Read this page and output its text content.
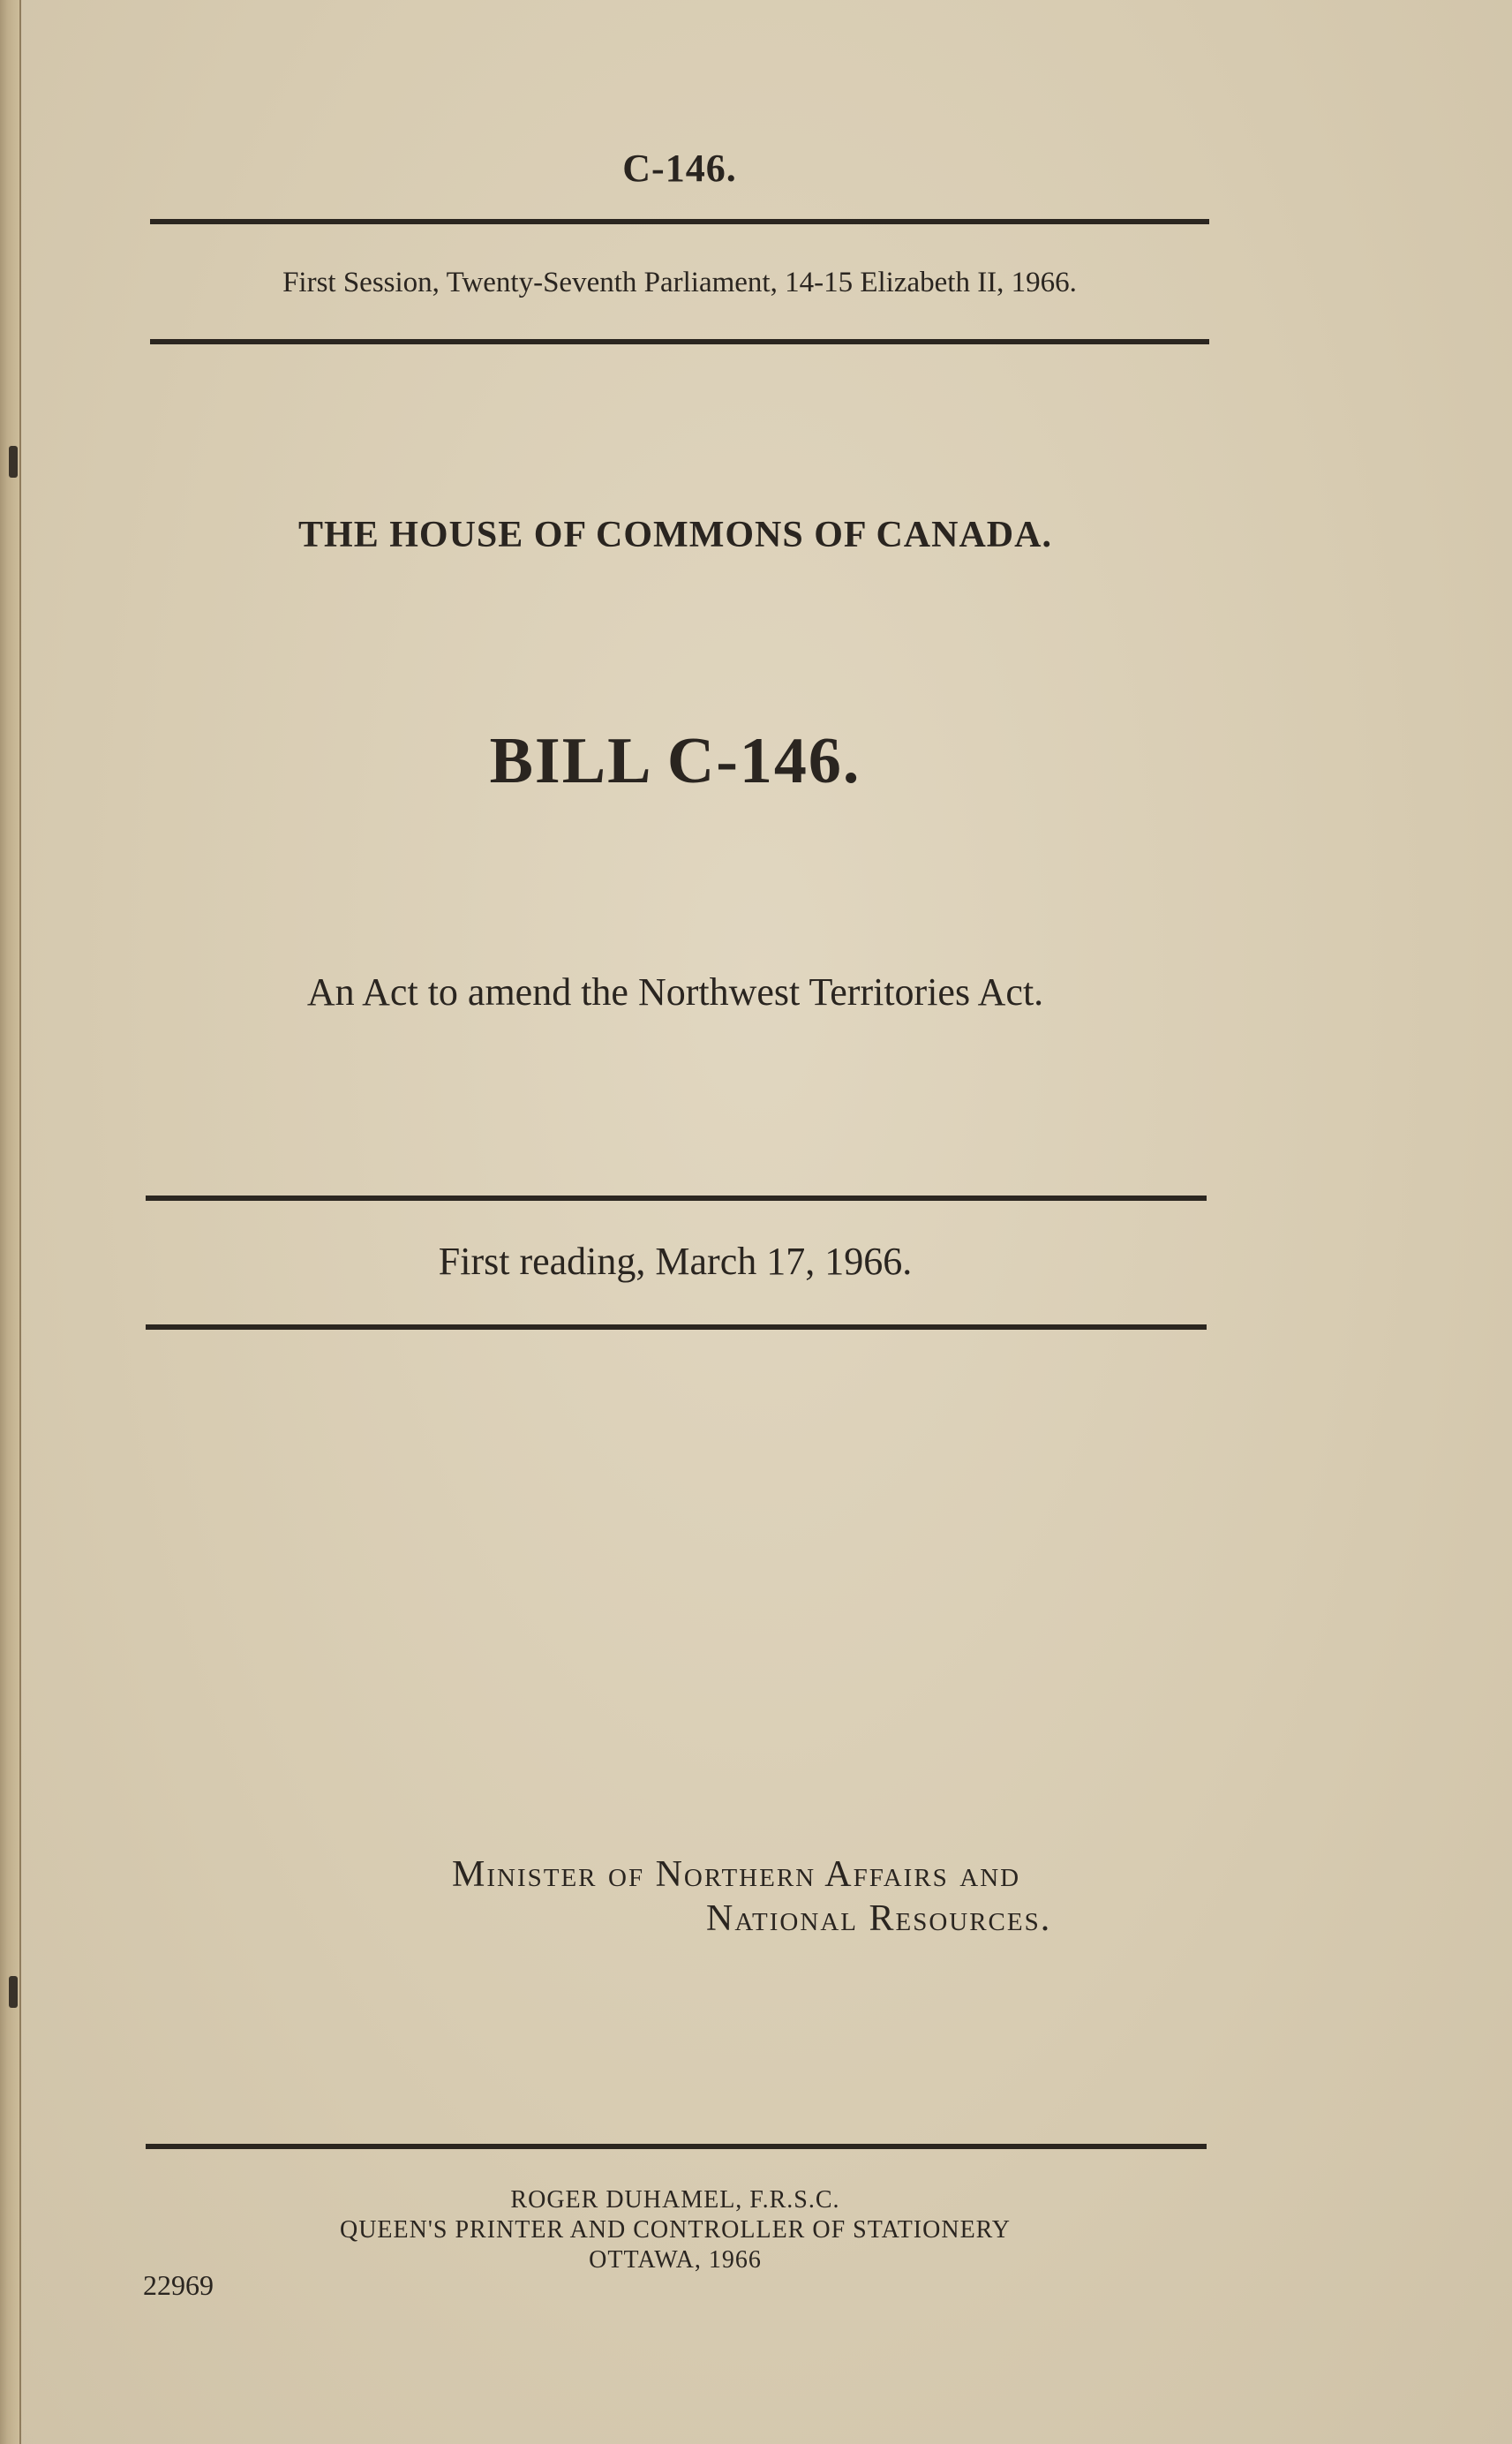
C-146.
First Session, Twenty-Seventh Parliament, 14-15 Elizabeth II, 1966.
THE HOUSE OF COMMONS OF CANADA.
BILL C-146.
An Act to amend the Northwest Territories Act.
First reading, March 17, 1966.
Minister of Northern Affairs and
National Resources.
ROGER DUHAMEL, F.R.S.C.
QUEEN'S PRINTER AND CONTROLLER OF STATIONERY
OTTAWA, 1966
22969
